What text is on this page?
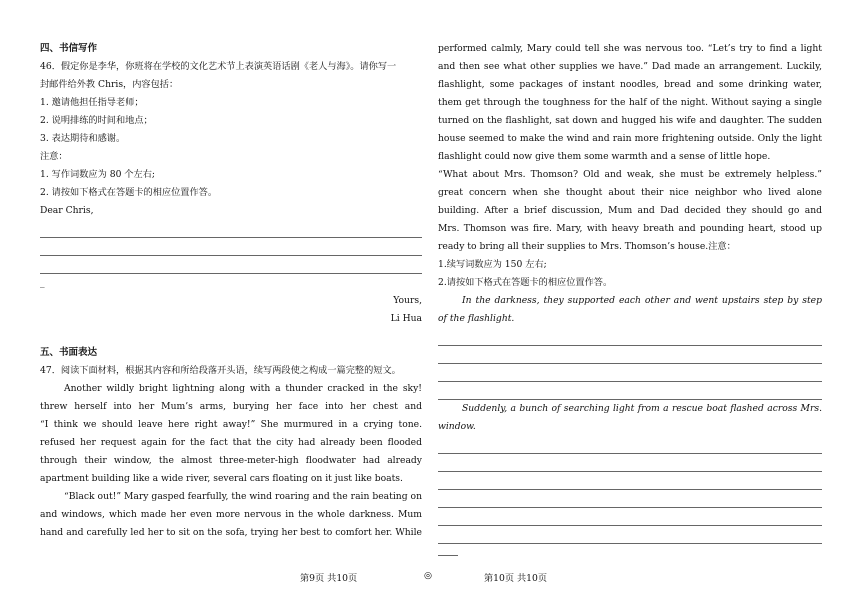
四、书信写作
46．假定你是李华，你班将在学校的文化艺术节上表演英语话剧《老人与海》。请你写一
封邮件给外教 Chris，内容包括：
1. 邀请他担任指导老师；
2. 说明排练的时间和地点；
3. 表达期待和感谢。
注意：
1. 写作词数应为 80 个左右;
2. 请按如下格式在答题卡的相应位置作答。
Dear Chris,
_
Yours,
Li Hua
五、书面表达
47．阅读下面材料，根据其内容和所给段落开头语，续写两段使之构成一篇完整的短文。
Another wildly bright lightning along with a thunder cracked in the sky!
threw herself into her Mum’s arms, burying her face into her chest and
“I think we should leave here right away!” She murmured in a crying tone.
refused her request again for the fact that the city had already been flooded
through their window, the almost three-meter-high floodwater had already
apartment building like a wide river, several cars floating on it just like boats.
“Black out!” Mary gasped fearfully, the wind roaring and the rain beating on
and windows, which made her even more nervous in the whole darkness. Mum
hand and carefully led her to sit on the sofa, trying her best to comfort her. While
performed calmly, Mary could tell she was nervous too. “Let’s try to find a light
and then see what other supplies we have.” Dad made an arrangement. Luckily,
flashlight, some packages of instant noodles, bread and some drinking water,
them get through the toughness for the half of the night. Without saying a single
turned on the flashlight, sat down and hugged his wife and daughter. The sudden
house seemed to make the wind and rain more frightening outside. Only the light
flashlight could now give them some warmth and a sense of little hope.
“What about Mrs. Thomson? Old and weak, she must be extremely helpless.”
great concern when she thought about their nice neighbor who lived alone
building. After a brief discussion, Mum and Dad decided they should go and
Mrs. Thomson was fire. Mary, with heavy breath and pounding heart, stood up
ready to bring all their supplies to Mrs. Thomson’s house.注意：
1.续写词数应为 150 左右;
2.请按如下格式在答题卡的相应位置作答。
In the darkness, they supported each other and went upstairs step by step
of the flashlight.
Suddenly, a bunch of searching light from a rescue boat flashed across Mrs.
window.
第9页 共10页	◎	第10页 共10页
